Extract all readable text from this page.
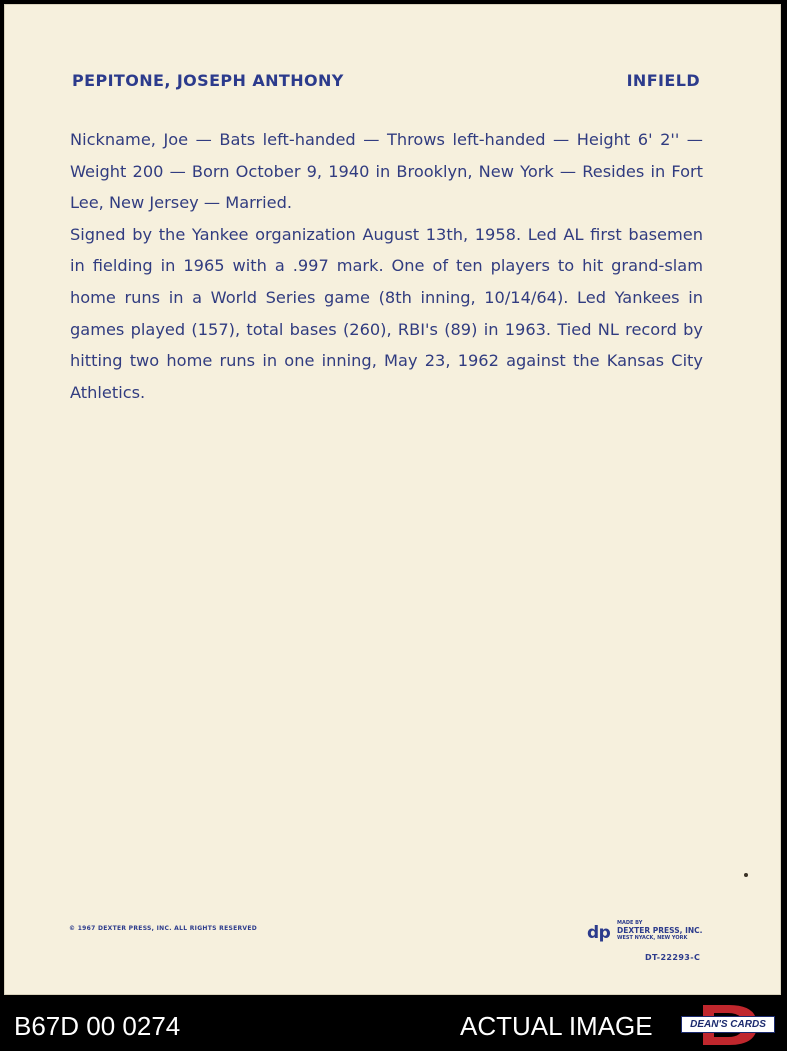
PEPITONE, JOSEPH ANTHONY	INFIELD

Nickname, Joe — Bats left-handed — Throws left-handed — Height 6' 2'' — Weight 200 — Born October 9, 1940 in Brooklyn, New York — Resides in Fort Lee, New Jersey — Married.

Signed by the Yankee organization August 13th, 1958. Led AL first basemen in fielding in 1965 with a .997 mark. One of ten players to hit grand-slam home runs in a World Series game (8th inning, 10/14/64). Led Yankees in games played (157), total bases (260), RBI's (89) in 1963. Tied NL record by hitting two home runs in one inning, May 23, 1962 against the Kansas City Athletics.

© 1967 DEXTER PRESS, INC. ALL RIGHTS RESERVED	dp MADE BY
DEXTER PRESS, INC.
WEST NYACK, NEW YORK
DT-22293-C
B67D 00 0274	ACTUAL IMAGE	DEAN'S CARDS
